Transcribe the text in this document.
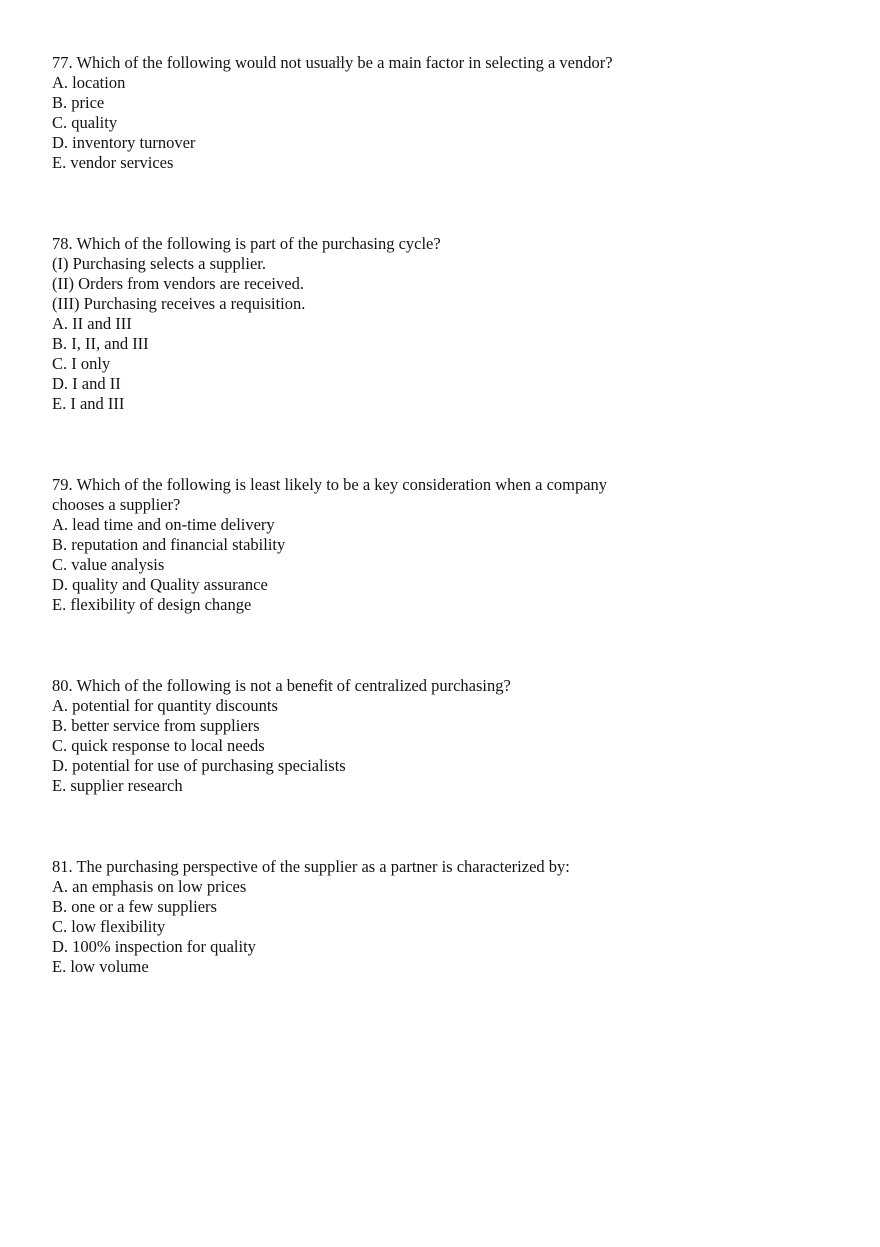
77. Which of the following would not usually be a main factor in selecting a vendor?
A. location
B. price
C. quality
D. inventory turnover
E. vendor services
78. Which of the following is part of the purchasing cycle?
(I) Purchasing selects a supplier.
(II) Orders from vendors are received.
(III) Purchasing receives a requisition.
A. II and III
B. I, II, and III
C. I only
D. I and II
E. I and III
79. Which of the following is least likely to be a key consideration when a company chooses a supplier?
A. lead time and on-time delivery
B. reputation and financial stability
C. value analysis
D. quality and Quality assurance
E. flexibility of design change
80. Which of the following is not a benefit of centralized purchasing?
A. potential for quantity discounts
B. better service from suppliers
C. quick response to local needs
D. potential for use of purchasing specialists
E. supplier research
81. The purchasing perspective of the supplier as a partner is characterized by:
A. an emphasis on low prices
B. one or a few suppliers
C. low flexibility
D. 100% inspection for quality
E. low volume
